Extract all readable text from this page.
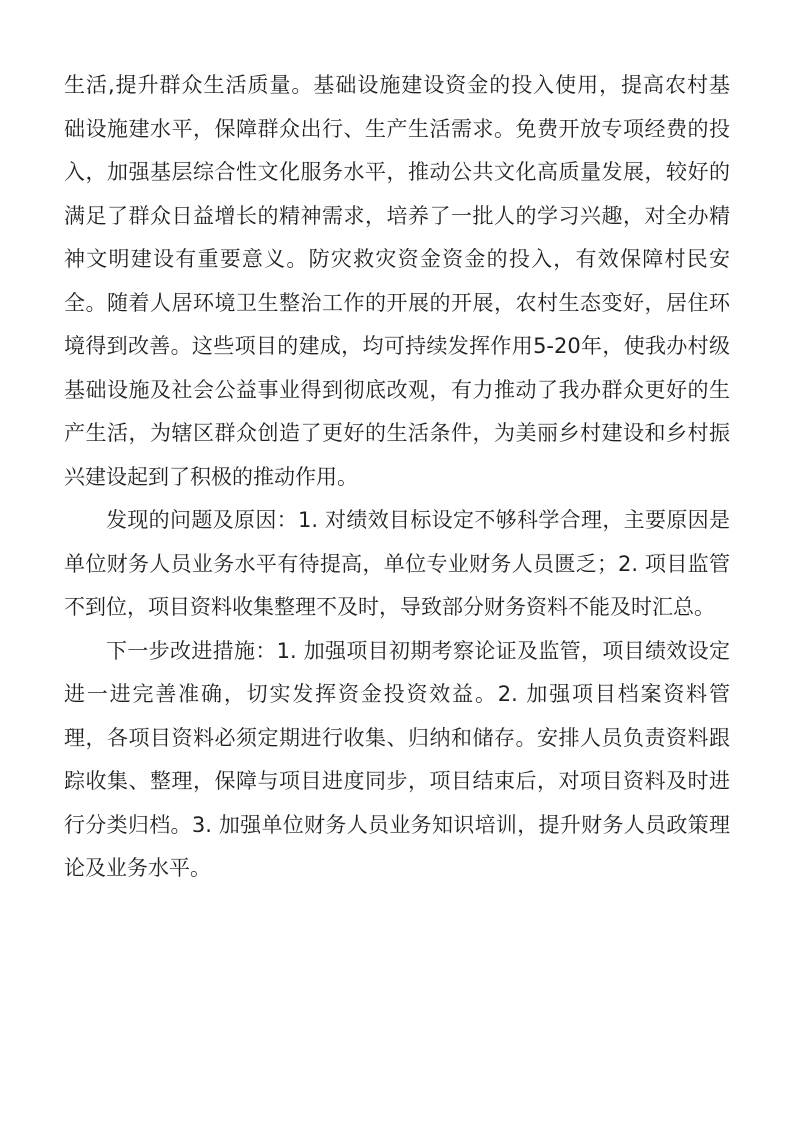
生活,提升群众生活质量。基础设施建设资金的投入使用，提高农村基
础设施建水平，保障群众出行、生产生活需求。免费开放专项经费的投
入，加强基层综合性文化服务水平，推动公共文化高质量发展，较好的
满足了群众日益增长的精神需求，培养了一批人的学习兴趣，对全办精
神文明建设有重要意义。防灾救灾资金资金的投入，有效保障村民安
全。随着人居环境卫生整治工作的开展的开展，农村生态变好，居住环
境得到改善。这些项目的建成，均可持续发挥作用5-20年，使我办村级
基础设施及社会公益事业得到彻底改观，有力推动了我办群众更好的生
产生活，为辖区群众创造了更好的生活条件，为美丽乡村建设和乡村振
兴建设起到了积极的推动作用。
发现的问题及原因：1. 对绩效目标设定不够科学合理，主要原因是
单位财务人员业务水平有待提高，单位专业财务人员匮乏；2. 项目监管
不到位，项目资料收集整理不及时，导致部分财务资料不能及时汇总。
下一步改进措施：1. 加强项目初期考察论证及监管，项目绩效设定
进一进完善准确，切实发挥资金投资效益。2. 加强项目档案资料管
理，各项目资料必须定期进行收集、归纳和储存。安排人员负责资料跟
踪收集、整理，保障与项目进度同步，项目结束后，对项目资料及时进
行分类归档。3. 加强单位财务人员业务知识培训，提升财务人员政策理
论及业务水平。
